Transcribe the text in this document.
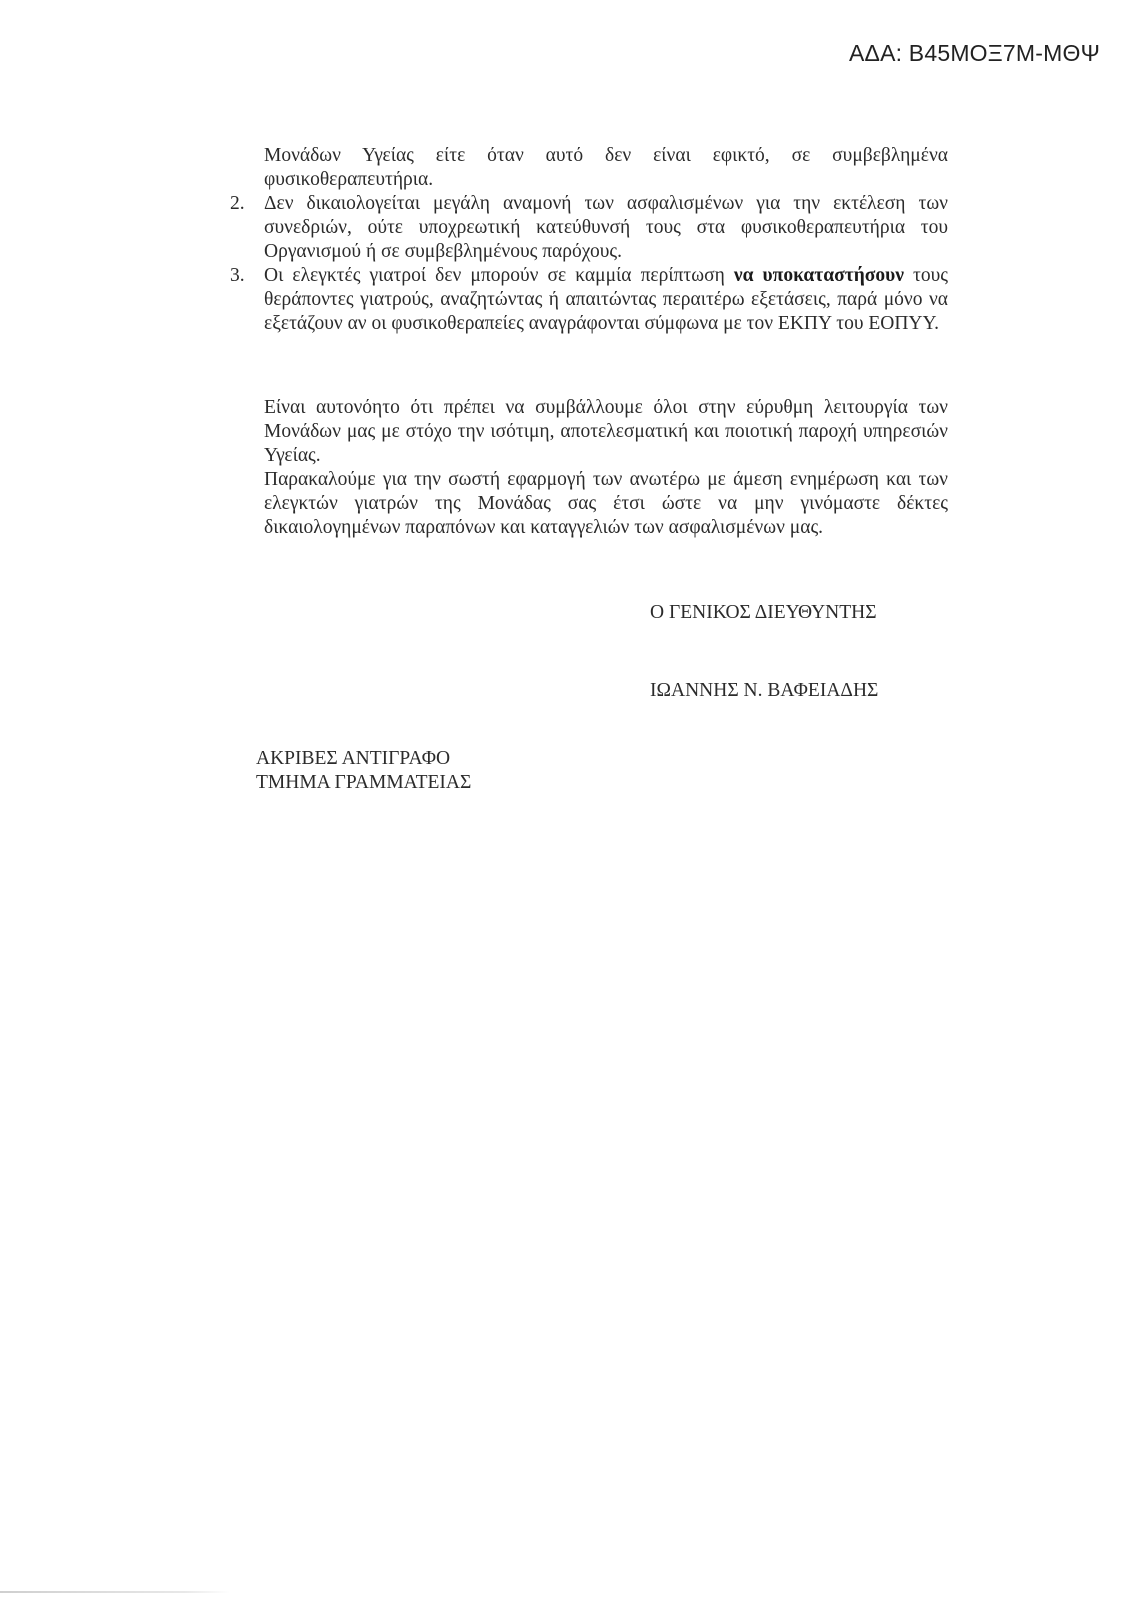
ΑΔΑ: Β45ΜΟΞ7Μ-ΜΘΨ

Μονάδων Υγείας είτε όταν αυτό δεν είναι εφικτό, σε συμβεβλημένα φυσικοθεραπευτήρια.

2. Δεν δικαιολογείται μεγάλη αναμονή των ασφαλισμένων για την εκτέλεση των συνεδριών, ούτε υποχρεωτική κατεύθυνσή τους στα φυσικοθεραπευτήρια του Οργανισμού ή σε συμβεβλημένους παρόχους.
3. Οι ελεγκτές γιατροί δεν μπορούν σε καμμία περίπτωση να υποκαταστήσουν τους θεράποντες γιατρούς, αναζητώντας ή απαιτώντας περαιτέρω εξετάσεις, παρά μόνο να εξετάζουν αν οι φυσικοθεραπείες αναγράφονται σύμφωνα με τον ΕΚΠΥ του ΕΟΠΥΥ.

Είναι αυτονόητο ότι πρέπει να συμβάλλουμε όλοι στην εύρυθμη λειτουργία των Μονάδων μας με στόχο την ισότιμη, αποτελεσματική και ποιοτική παροχή υπηρεσιών Υγείας.

Παρακαλούμε για την σωστή εφαρμογή των ανωτέρω με άμεση ενημέρωση και των ελεγκτών γιατρών της Μονάδας σας έτσι ώστε να μην γινόμαστε δέκτες δικαιολογημένων παραπόνων και καταγγελιών των ασφαλισμένων μας.

Ο ΓΕΝΙΚΟΣ ΔΙΕΥΘΥΝΤΗΣ
ΙΩΑΝΝΗΣ Ν. ΒΑΦΕΙΑΔΗΣ
ΑΚΡΙΒΕΣ ΑΝΤΙΓΡΑΦΟ
ΤΜΗΜΑ ΓΡΑΜΜΑΤΕΙΑΣ
